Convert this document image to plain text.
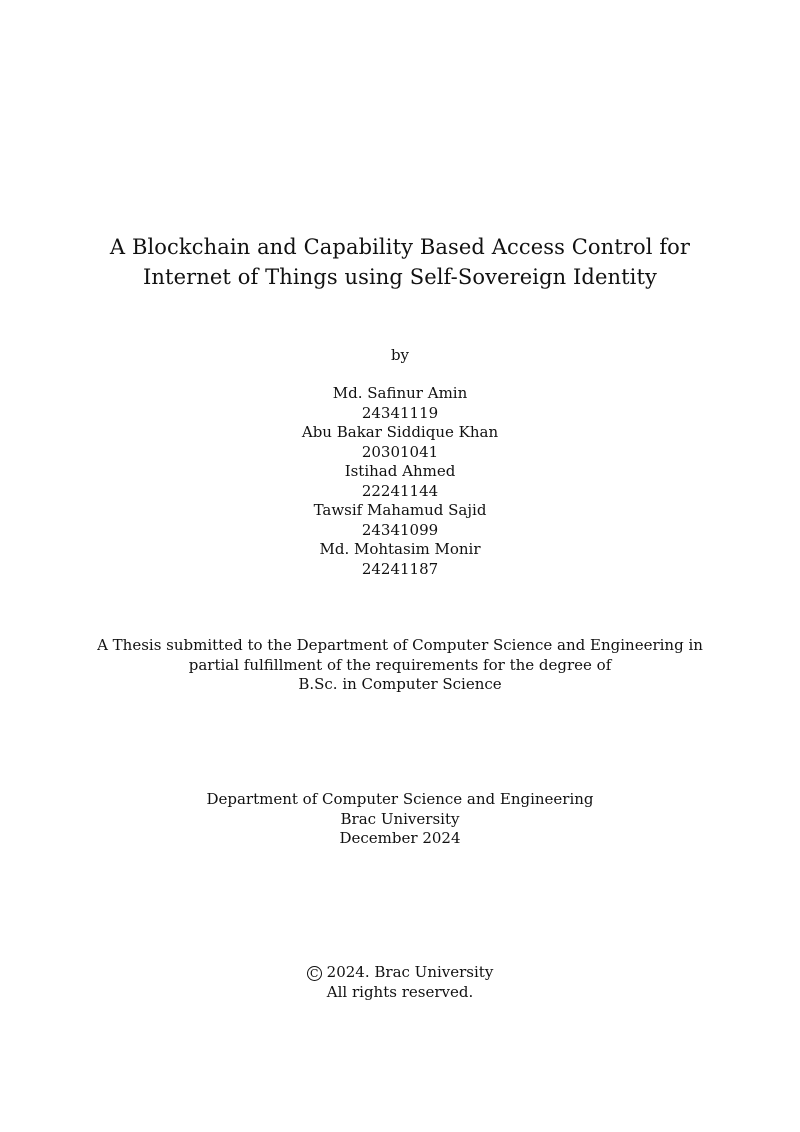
A Blockchain and Capability Based Access Control for
Internet of Things using Self-Sovereign Identity
by
Md. Safinur Amin
24341119
Abu Bakar Siddique Khan
20301041
Istihad Ahmed
22241144
Tawsif Mahamud Sajid
24341099
Md. Mohtasim Monir
24241187
A Thesis submitted to the Department of Computer Science and Engineering in
partial fulfillment of the requirements for the degree of
B.Sc. in Computer Science
Department of Computer Science and Engineering
Brac University
December 2024
C 2024. Brac University
All rights reserved.
